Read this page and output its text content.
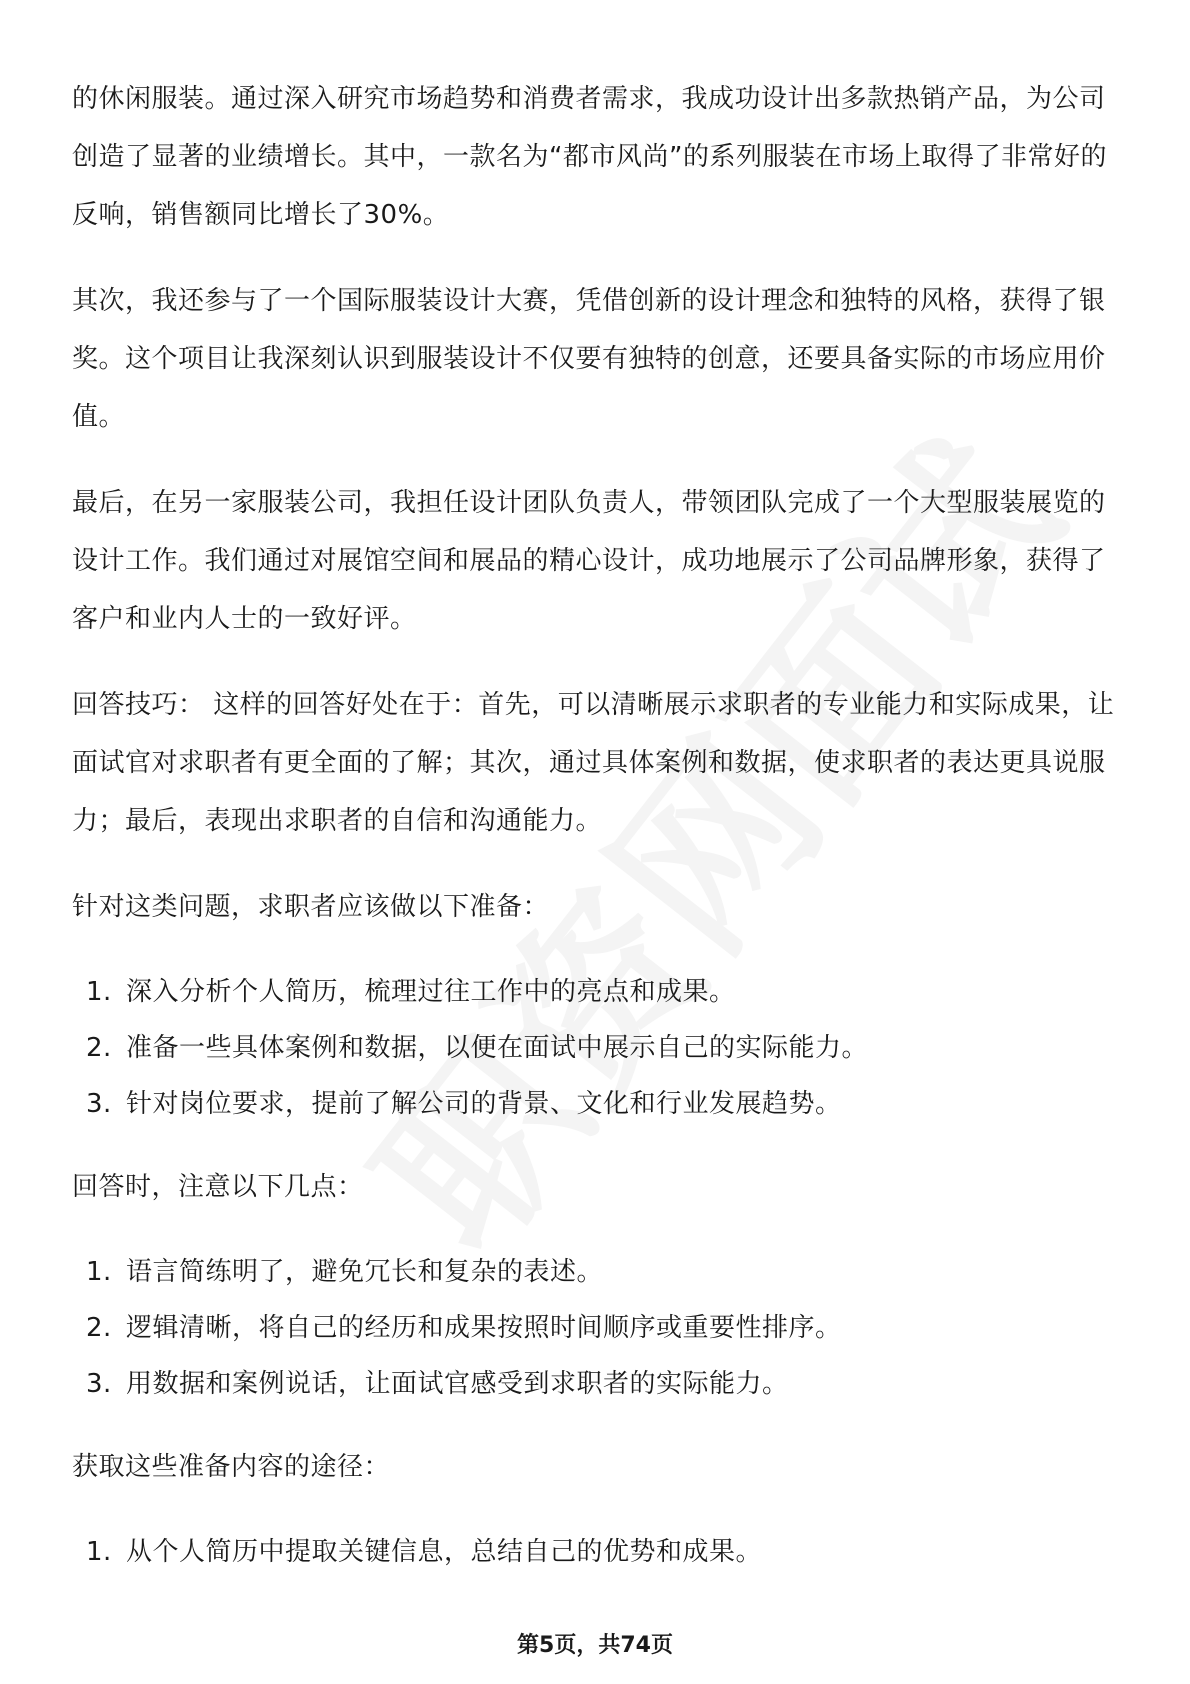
的休闲服装。通过深入研究市场趋势和消费者需求，我成功设计出多款热销产品，为公司创造了显著的业绩增长。其中，一款名为“都市风尚”的系列服装在市场上取得了非常好的反响，销售额同比增长了30%。

其次，我还参与了一个国际服装设计大赛，凭借创新的设计理念和独特的风格，获得了银奖。这个项目让我深刻认识到服装设计不仅要有独特的创意，还要具备实际的市场应用价值。

最后，在另一家服装公司，我担任设计团队负责人，带领团队完成了一个大型服装展览的设计工作。我们通过对展馆空间和展品的精心设计，成功地展示了公司品牌形象，获得了客户和业内人士的一致好评。

回答技巧： 这样的回答好处在于：首先，可以清晰展示求职者的专业能力和实际成果，让面试官对求职者有更全面的了解；其次，通过具体案例和数据，使求职者的表达更具说服力；最后，表现出求职者的自信和沟通能力。

针对这类问题，求职者应该做以下准备：

1. 深入分析个人简历，梳理过往工作中的亮点和成果。
2. 准备一些具体案例和数据，以便在面试中展示自己的实际能力。
3. 针对岗位要求，提前了解公司的背景、文化和行业发展趋势。

回答时，注意以下几点：

1. 语言简练明了，避免冗长和复杂的表述。
2. 逻辑清晰，将自己的经历和成果按照时间顺序或重要性排序。
3. 用数据和案例说话，让面试官感受到求职者的实际能力。

获取这些准备内容的途径：

1. 从个人简历中提取关键信息，总结自己的优势和成果。
第5页，共74页
